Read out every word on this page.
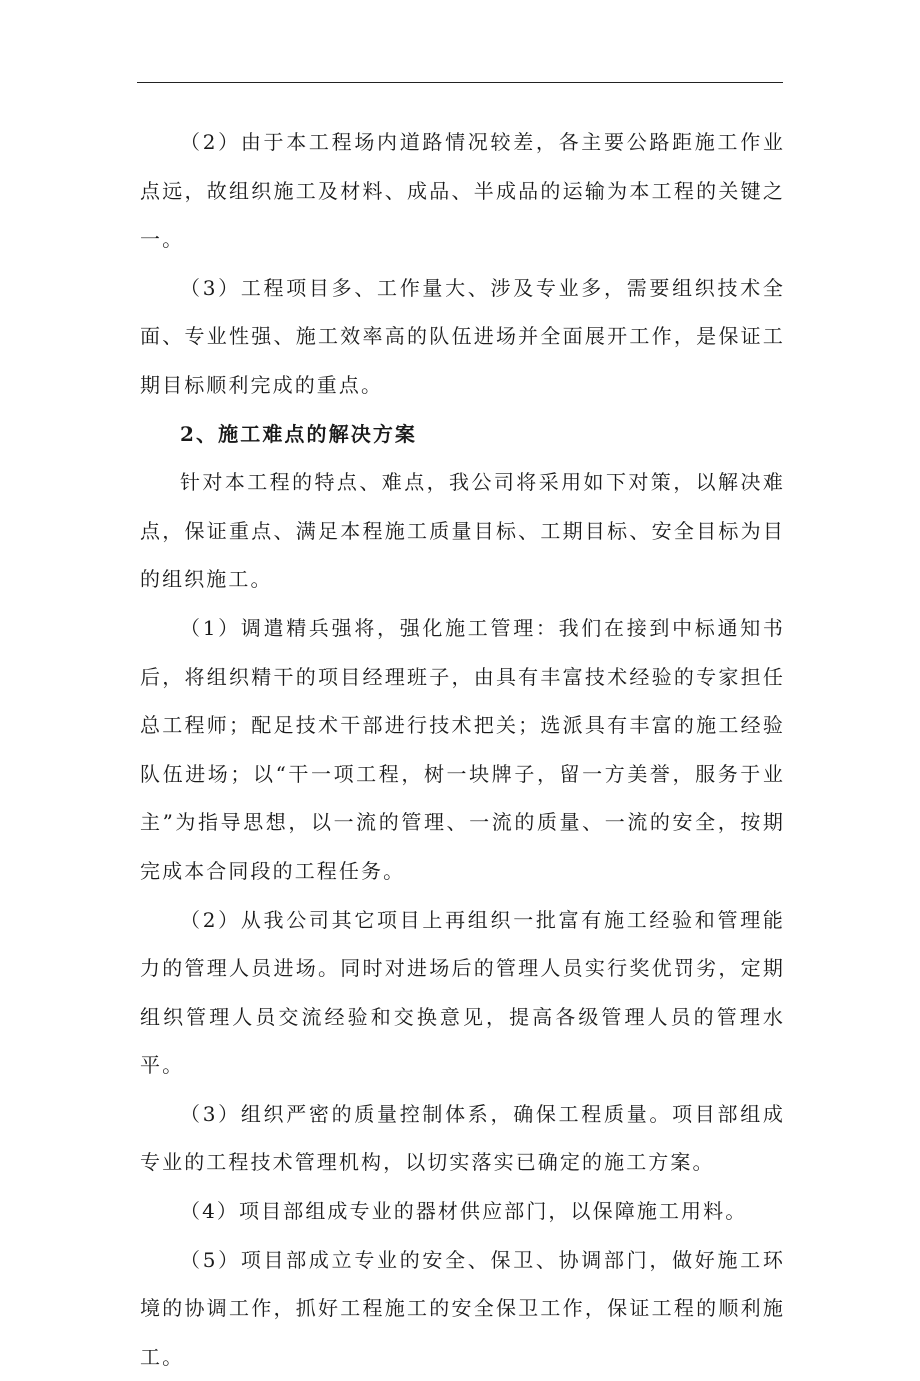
（2）由于本工程场内道路情况较差，各主要公路距施工作业点远，故组织施工及材料、成品、半成品的运输为本工程的关键之一。

（3）工程项目多、工作量大、涉及专业多，需要组织技术全面、专业性强、施工效率高的队伍进场并全面展开工作，是保证工期目标顺利完成的重点。

2、施工难点的解决方案

针对本工程的特点、难点，我公司将采用如下对策，以解决难点，保证重点、满足本程施工质量目标、工期目标、安全目标为目的组织施工。

（1）调遣精兵强将，强化施工管理：我们在接到中标通知书后，将组织精干的项目经理班子，由具有丰富技术经验的专家担任总工程师；配足技术干部进行技术把关；选派具有丰富的施工经验队伍进场；以“干一项工程，树一块牌子，留一方美誉，服务于业主”为指导思想，以一流的管理、一流的质量、一流的安全，按期完成本合同段的工程任务。

（2）从我公司其它项目上再组织一批富有施工经验和管理能力的管理人员进场。同时对进场后的管理人员实行奖优罚劣，定期组织管理人员交流经验和交换意见，提高各级管理人员的管理水平。

（3）组织严密的质量控制体系，确保工程质量。项目部组成专业的工程技术管理机构，以切实落实已确定的施工方案。

（4）项目部组成专业的器材供应部门，以保障施工用料。

（5）项目部成立专业的安全、保卫、协调部门，做好施工环境的协调工作，抓好工程施工的安全保卫工作，保证工程的顺利施工。
